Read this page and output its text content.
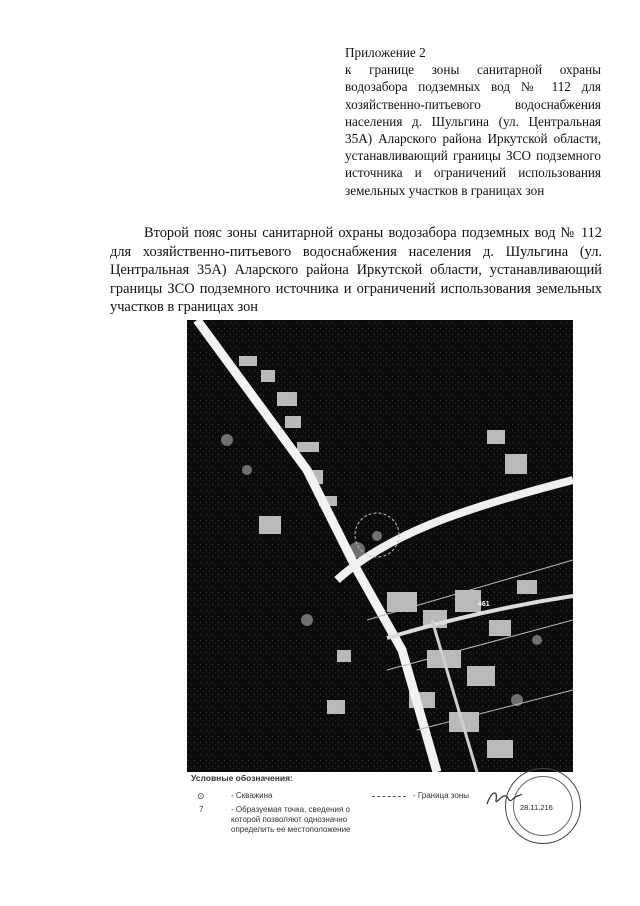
Приложение 2
к границе зоны санитарной охраны водозабора подземных вод № 112 для хозяйственно-питьевого водоснабжения населения д. Шульгина (ул. Центральная 35А) Аларского района Иркутской области, устанавливающий границы ЗСО подземного источника и ограничений использования земельных участков в границах зон
Второй пояс зоны санитарной охраны водозабора подземных вод № 112 для хозяйственно-питьевого водоснабжения населения д. Шульгина (ул. Центральная 35А) Аларского района Иркутской области, устанавливающий границы ЗСО подземного источника и ограничений использования земельных участков в границах зон
461
Условные обозначения:
⊙	- Скважина
7	- Образуемая точка, сведения о которой позволяют однозначно определить ее местоположение
- Граница зоны
28.11.216
